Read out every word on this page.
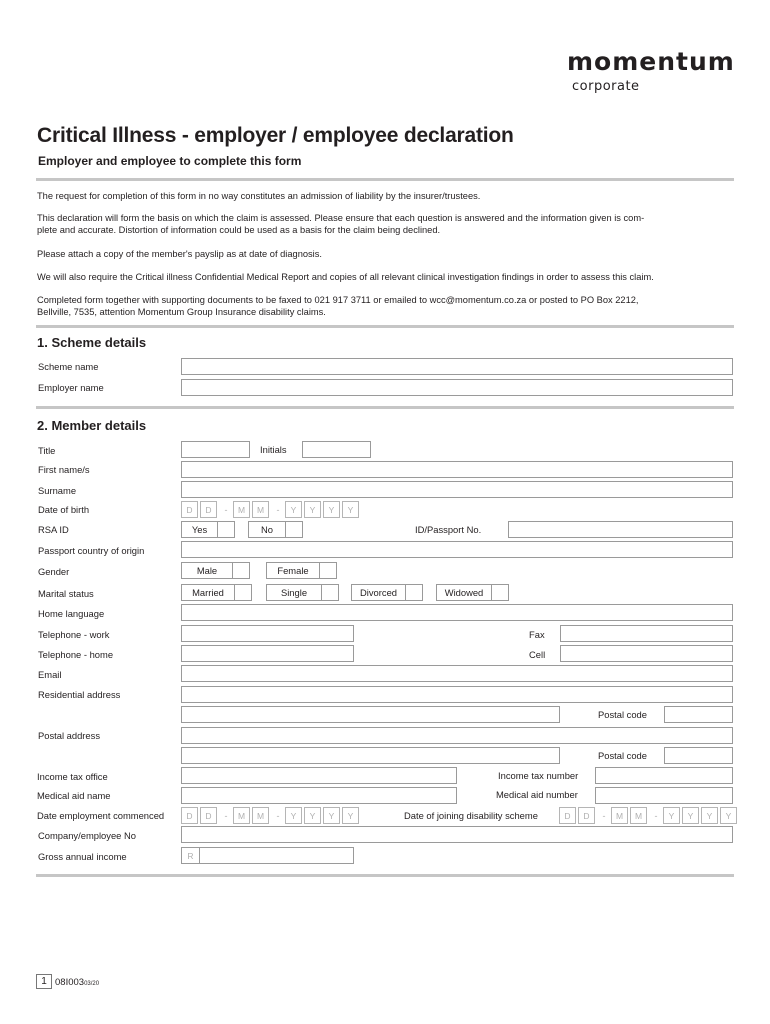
momentum
corporate
Critical Illness - employer / employee declaration
Employer and employee to complete this form
The request for completion of this form in no way constitutes an admission of liability by the insurer/trustees.
This declaration will form the basis on which the claim is assessed. Please ensure that each question is answered and the information given is com-
plete and accurate. Distortion of information could be used as a basis for the claim being declined.
Please attach a copy of the member's payslip as at date of diagnosis.
We will also require the Critical illness Confidential Medical Report and copies of all relevant clinical investigation findings in order to assess this claim.
Completed form together with supporting documents to be faxed to 021 917 3711 or emailed to wcc@momentum.co.za or posted to PO Box 2212,
Bellville, 7535, attention Momentum Group Insurance disability claims.
1. Scheme details
Scheme name
Employer name
2. Member details
Title	Initials
First name/s
Surname
Date of birth	D	D	-	M	M	-	Y	Y	Y	Y
RSA ID	Yes	No	ID/Passport No.
Passport country of origin
Gender	Male	Female
Marital status	Married	Single	Divorced	Widowed
Home language
Telephone - work	Fax
Telephone - home	Cell
Email
Residential address
Postal code
Postal address
Postal code
Income tax office	Income tax number
Medical aid name	Medical aid number
Date employment commenced	D	D	-	M	M	-	Y	Y	Y	Y	Date of joining disability scheme	D	D	-	M	M	-	Y	Y	Y	Y
Company/employee No
Gross annual income	R
1 08I00303/20
